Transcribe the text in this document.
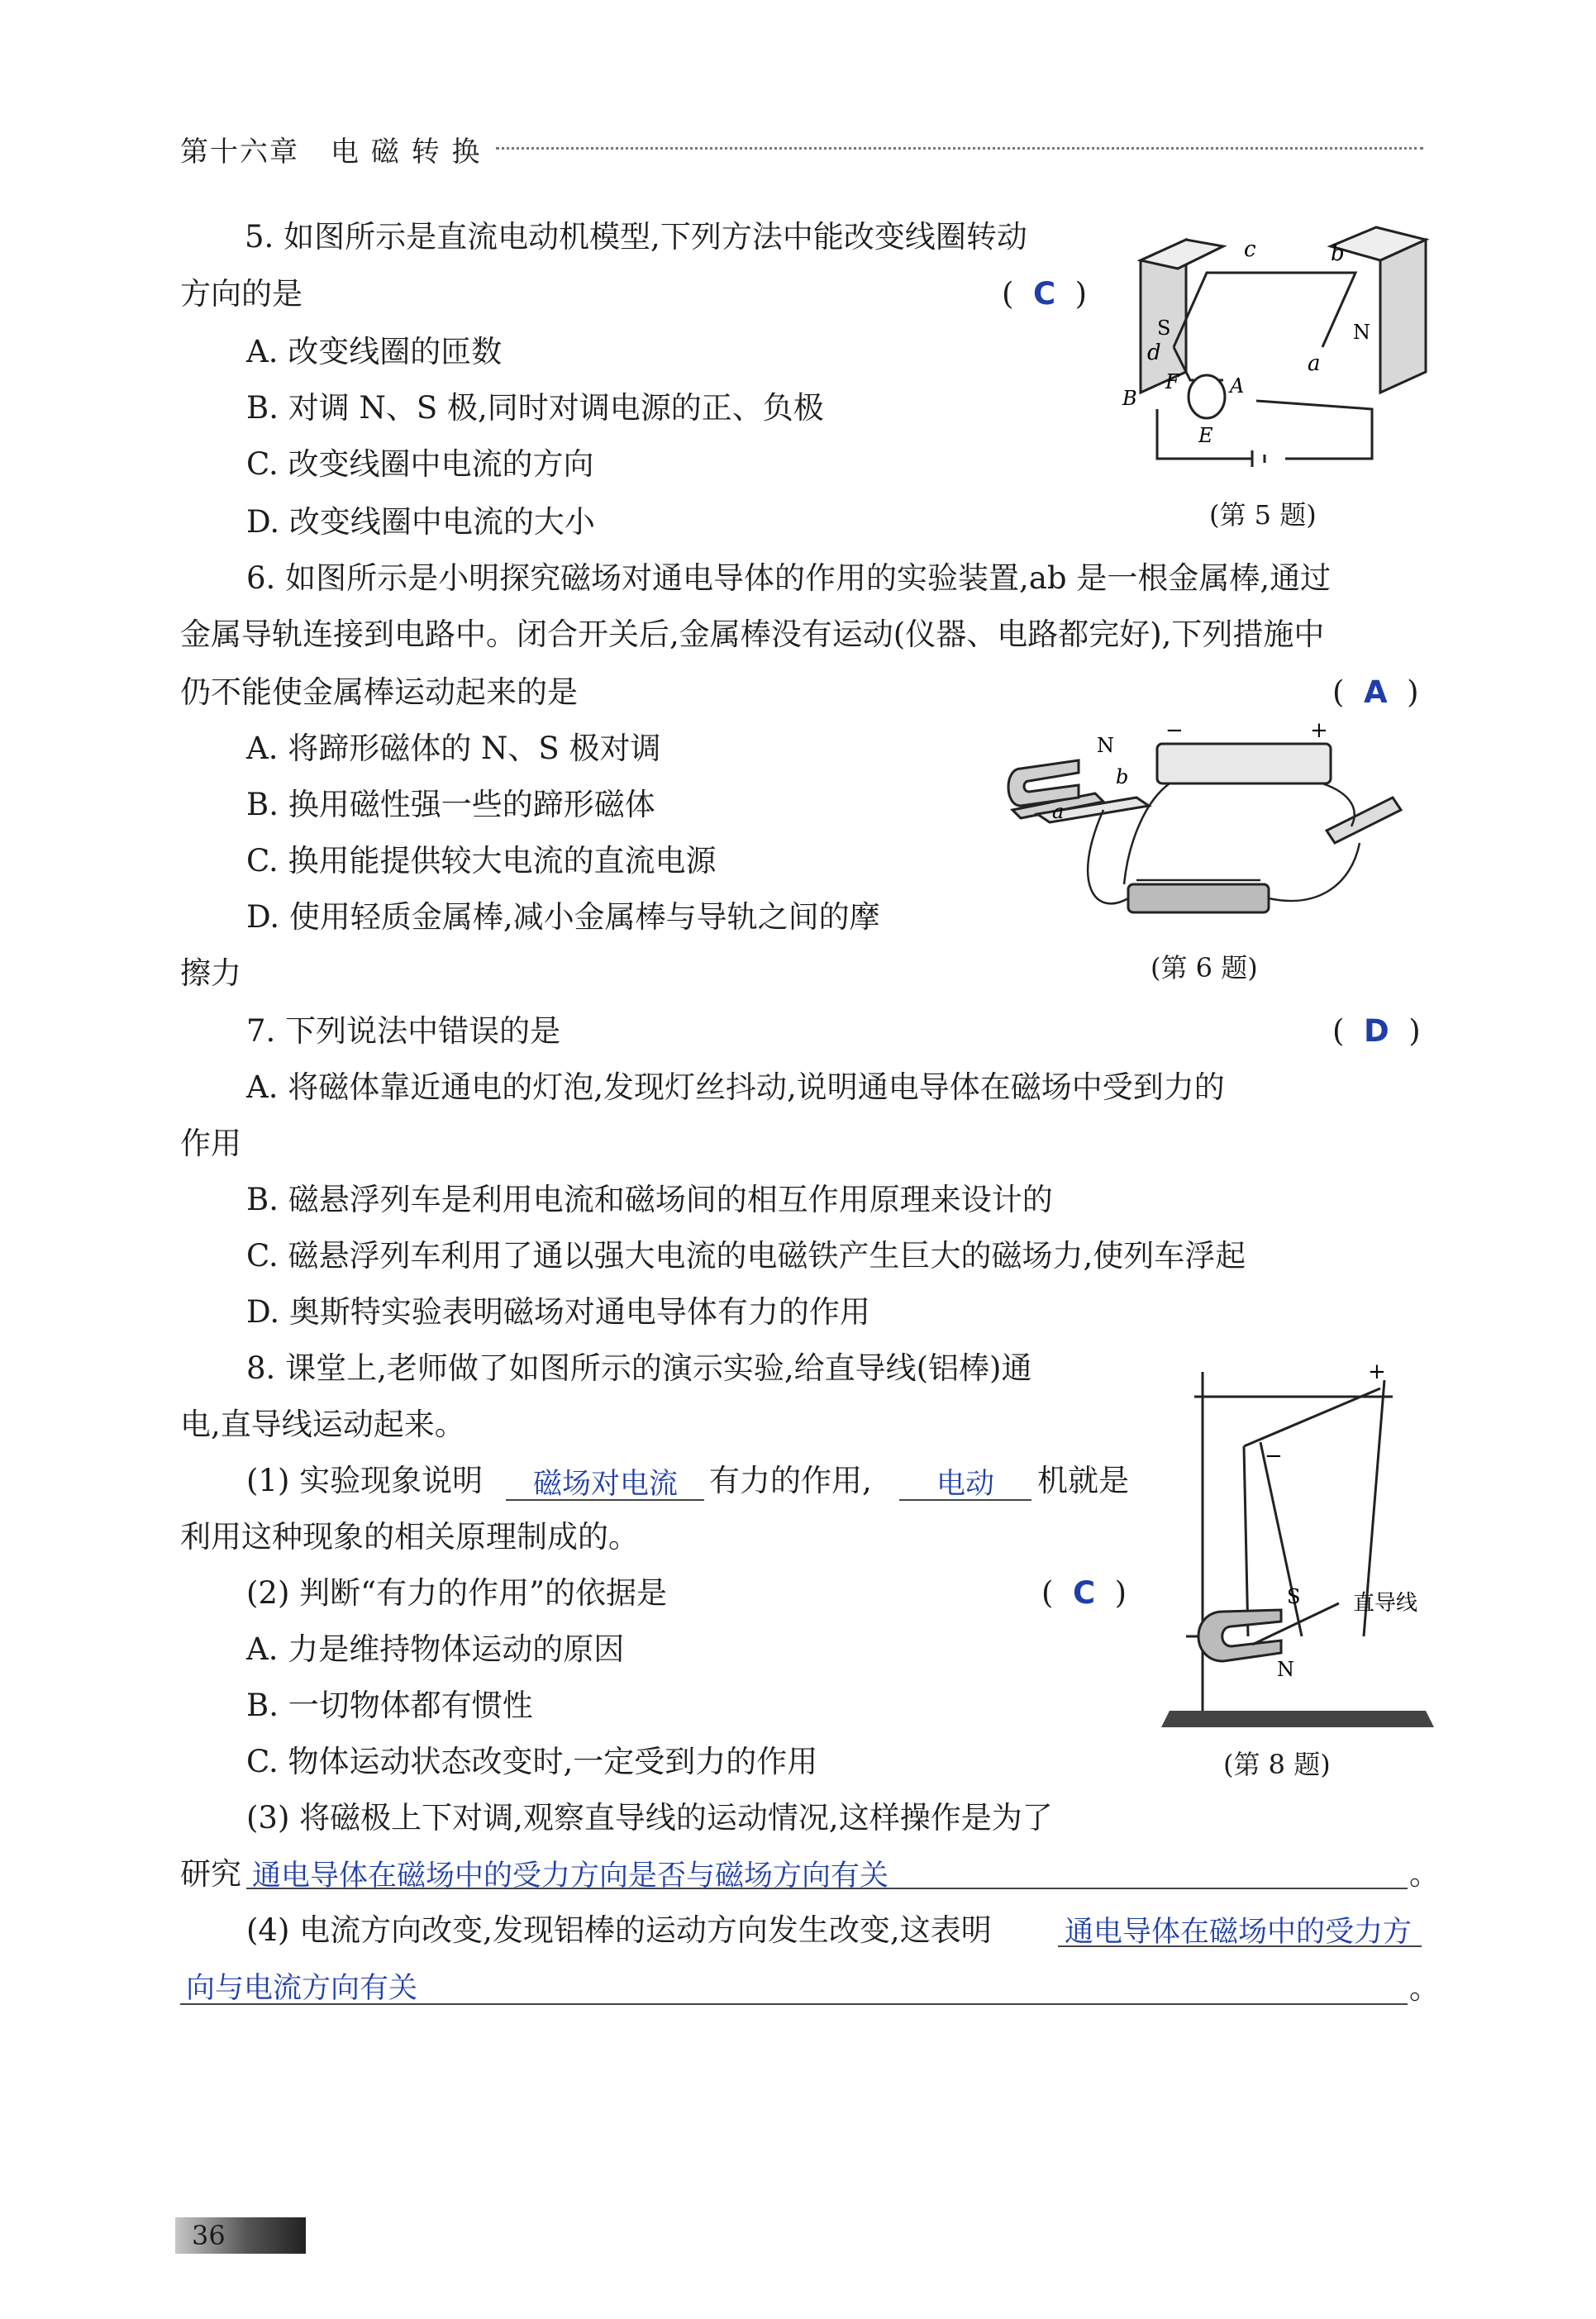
第十六章 电 磁 转 换
5. 如图所示是直流电动机模型,下列方法中能改变线圈转动
方向的是	(  C  )
A. 改变线圈的匝数
B. 对调 N、S 极,同时对调电源的正、负极
C. 改变线圈中电流的方向
D. 改变线圈中电流的大小
c	b
S	N
d	a
F	A
B
E
(第 5 题)
6. 如图所示是小明探究磁场对通电导体的作用的实验装置,ab 是一根金属棒,通过
金属导轨连接到电路中。闭合开关后,金属棒没有运动(仪器、电路都完好),下列措施中
仍不能使金属棒运动起来的是	(  A  )
A. 将蹄形磁体的 N、S 极对调
B. 换用磁性强一些的蹄形磁体
C. 换用能提供较大电流的直流电源
D. 使用轻质金属棒,减小金属棒与导轨之间的摩
擦力
N
−	+
b
a
(第 6 题)
7. 下列说法中错误的是	(  D  )
A. 将磁体靠近通电的灯泡,发现灯丝抖动,说明通电导体在磁场中受到力的
作用
B. 磁悬浮列车是利用电流和磁场间的相互作用原理来设计的
C. 磁悬浮列车利用了通以强大电流的电磁铁产生巨大的磁场力,使列车浮起
D. 奥斯特实验表明磁场对通电导体有力的作用
8. 课堂上,老师做了如图所示的演示实验,给直导线(铝棒)通
电,直导线运动起来。
(1) 实验现象说明 磁场对电流 有力的作用, 电动 机就是
利用这种现象的相关原理制成的。
(2) 判断“有力的作用”的依据是	(  C  )
A. 力是维持物体运动的原因
B. 一切物体都有惯性
C. 物体运动状态改变时,一定受到力的作用
+
−
S
N
直导线
(第 8 题)
(3) 将磁极上下对调,观察直导线的运动情况,这样操作是为了
研究 通电导体在磁场中的受力方向是否与磁场方向有关	。
(4) 电流方向改变,发现铝棒的运动方向发生改变,这表明	通电导体在磁场中的受力方
向与电流方向有关	。
36
